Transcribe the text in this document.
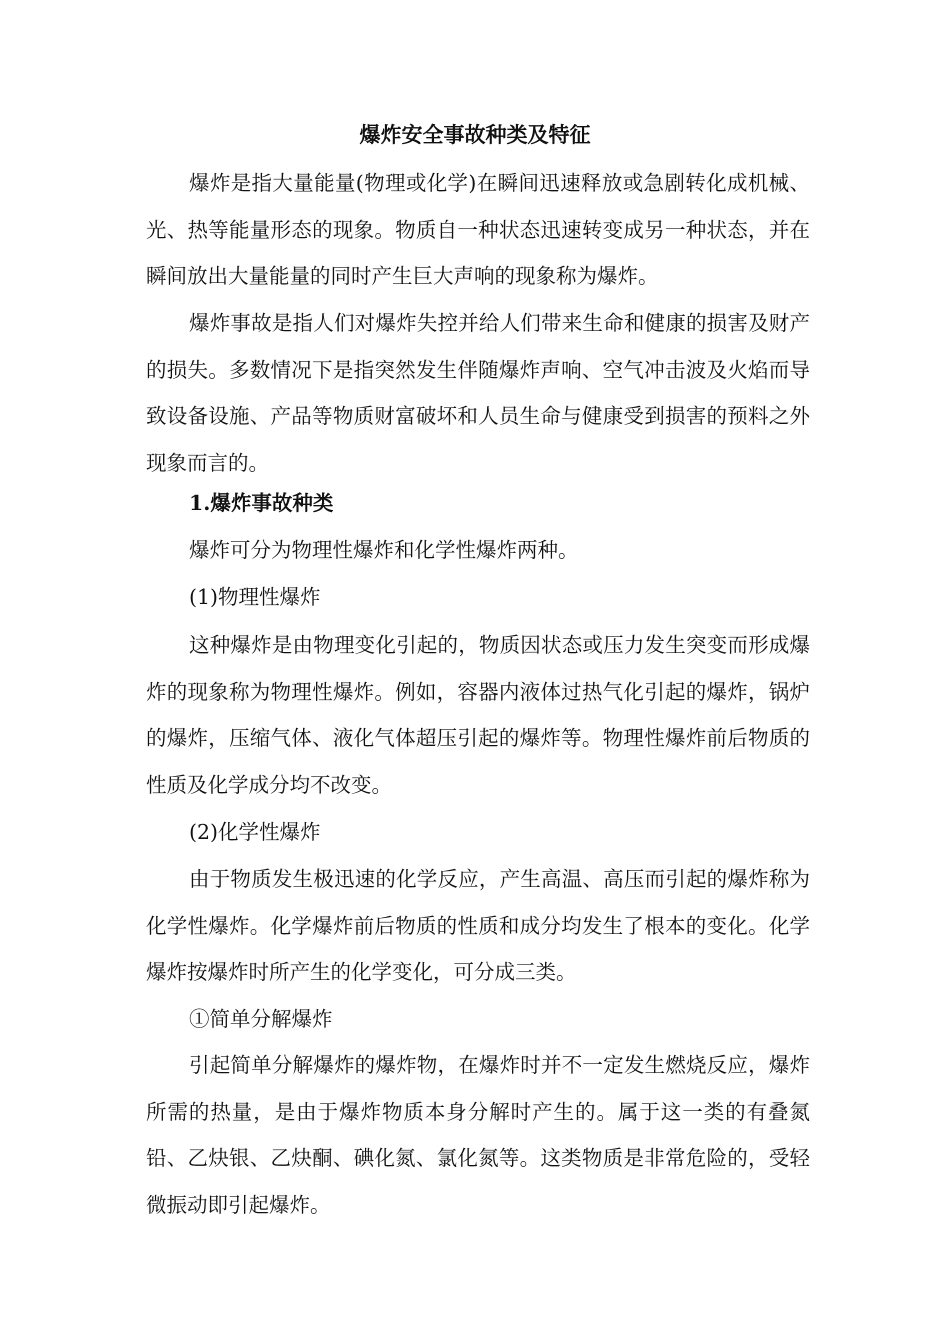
爆炸安全事故种类及特征

爆炸是指大量能量(物理或化学)在瞬间迅速释放或急剧转化成机械、光、热等能量形态的现象。物质自一种状态迅速转变成另一种状态，并在瞬间放出大量能量的同时产生巨大声响的现象称为爆炸。

爆炸事故是指人们对爆炸失控并给人们带来生命和健康的损害及财产的损失。多数情况下是指突然发生伴随爆炸声响、空气冲击波及火焰而导致设备设施、产品等物质财富破坏和人员生命与健康受到损害的预料之外现象而言的。

1.爆炸事故种类

爆炸可分为物理性爆炸和化学性爆炸两种。

(1)物理性爆炸

这种爆炸是由物理变化引起的，物质因状态或压力发生突变而形成爆炸的现象称为物理性爆炸。例如，容器内液体过热气化引起的爆炸，锅炉的爆炸，压缩气体、液化气体超压引起的爆炸等。物理性爆炸前后物质的性质及化学成分均不改变。

(2)化学性爆炸

由于物质发生极迅速的化学反应，产生高温、高压而引起的爆炸称为化学性爆炸。化学爆炸前后物质的性质和成分均发生了根本的变化。化学爆炸按爆炸时所产生的化学变化，可分成三类。

①简单分解爆炸

引起简单分解爆炸的爆炸物，在爆炸时并不一定发生燃烧反应，爆炸所需的热量，是由于爆炸物质本身分解时产生的。属于这一类的有叠氮铅、乙炔银、乙炔酮、碘化氮、氯化氮等。这类物质是非常危险的，受轻微振动即引起爆炸。
